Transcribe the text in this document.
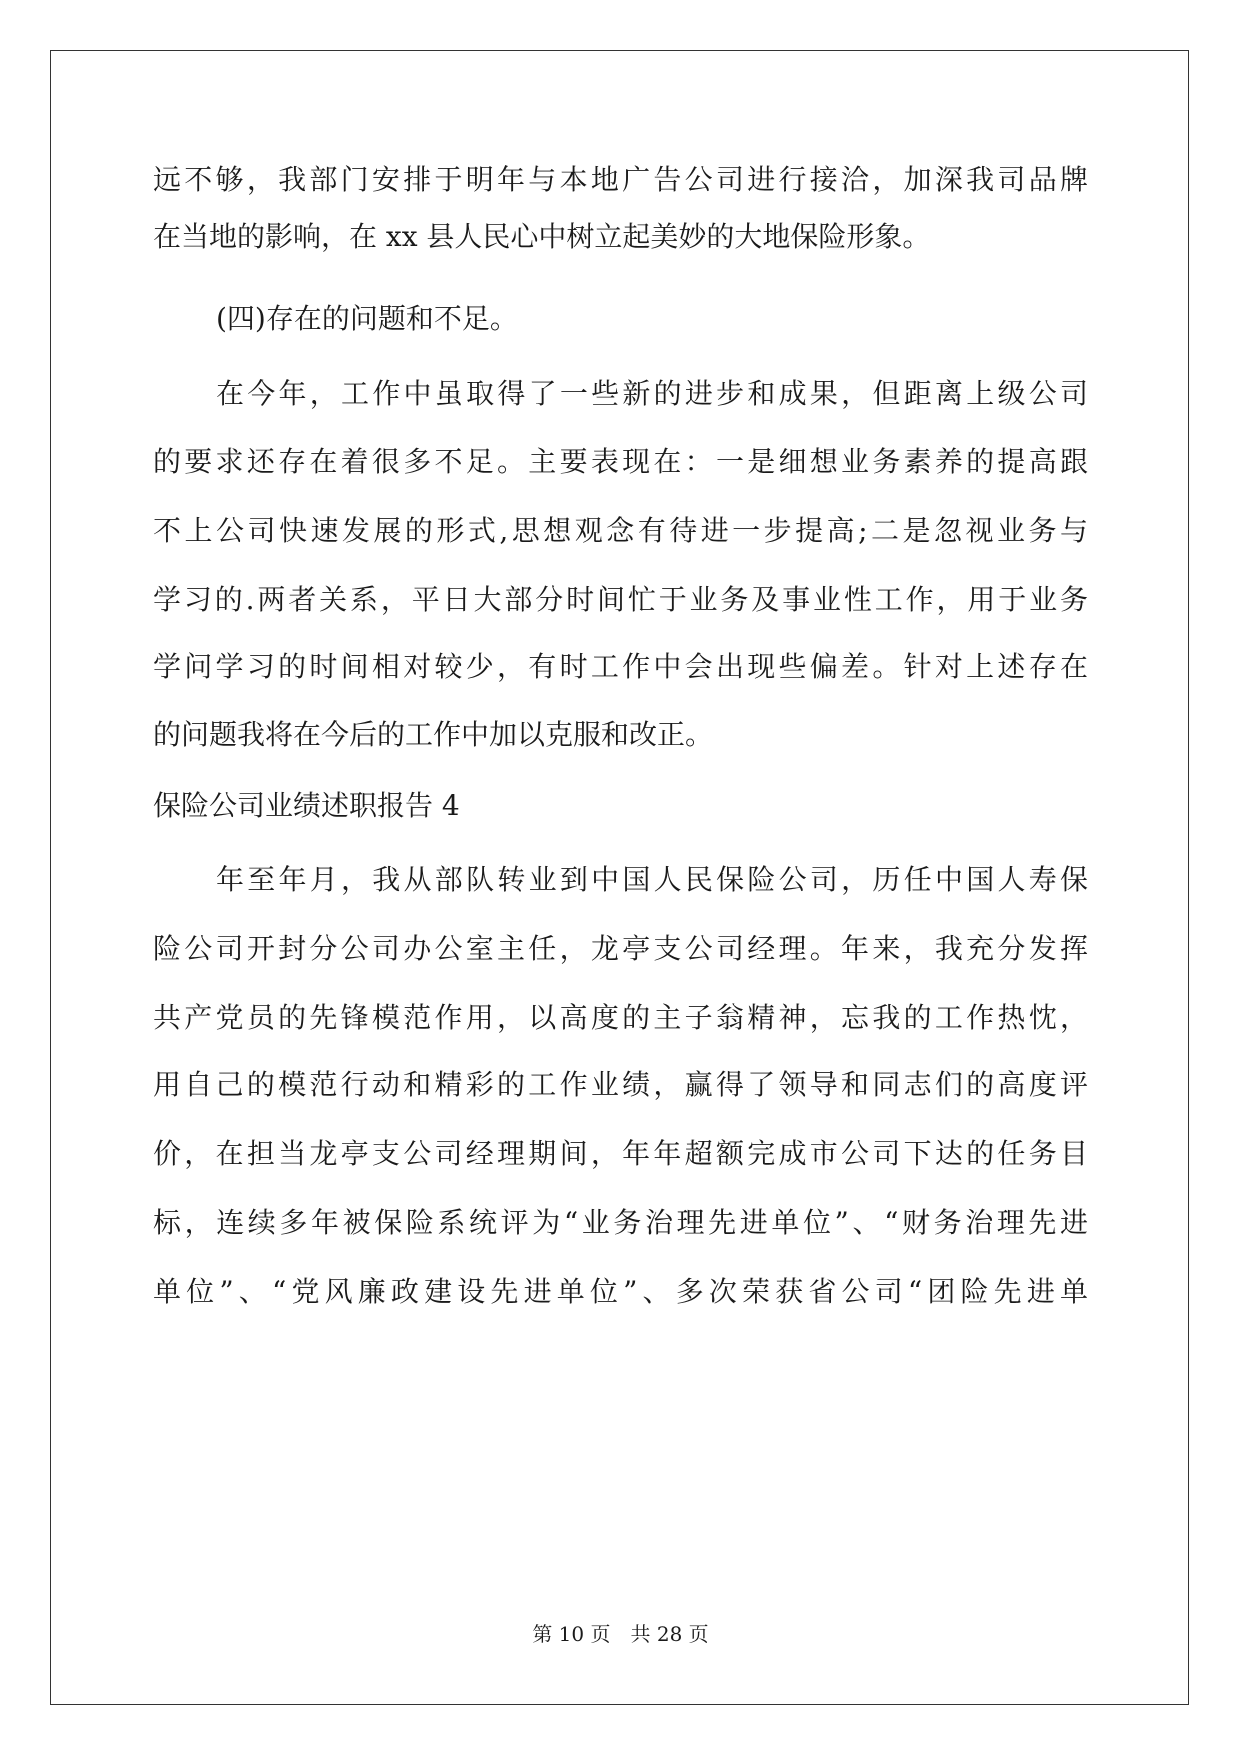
远不够，我部门安排于明年与本地广告公司进行接洽，加深我司品牌
在当地的影响，在 xx 县人民心中树立起美妙的大地保险形象。
(四)存在的问题和不足。
在今年，工作中虽取得了一些新的进步和成果，但距离上级公司
的要求还存在着很多不足。主要表现在：一是细想业务素养的提高跟
不上公司快速发展的形式,思想观念有待进一步提高;二是忽视业务与
学习的.两者关系，平日大部分时间忙于业务及事业性工作，用于业务
学问学习的时间相对较少，有时工作中会出现些偏差。针对上述存在
的问题我将在今后的工作中加以克服和改正。
保险公司业绩述职报告 4
年至年月，我从部队转业到中国人民保险公司，历任中国人寿保
险公司开封分公司办公室主任，龙亭支公司经理。年来，我充分发挥
共产党员的先锋模范作用，以高度的主子翁精神，忘我的工作热忱，
用自己的模范行动和精彩的工作业绩，赢得了领导和同志们的高度评
价，在担当龙亭支公司经理期间，年年超额完成市公司下达的任务目
标，连续多年被保险系统评为“业务治理先进单位”、“财务治理先进
单位”、“党风廉政建设先进单位”、多次荣获省公司“团险先进单
第 10 页　共 28 页
